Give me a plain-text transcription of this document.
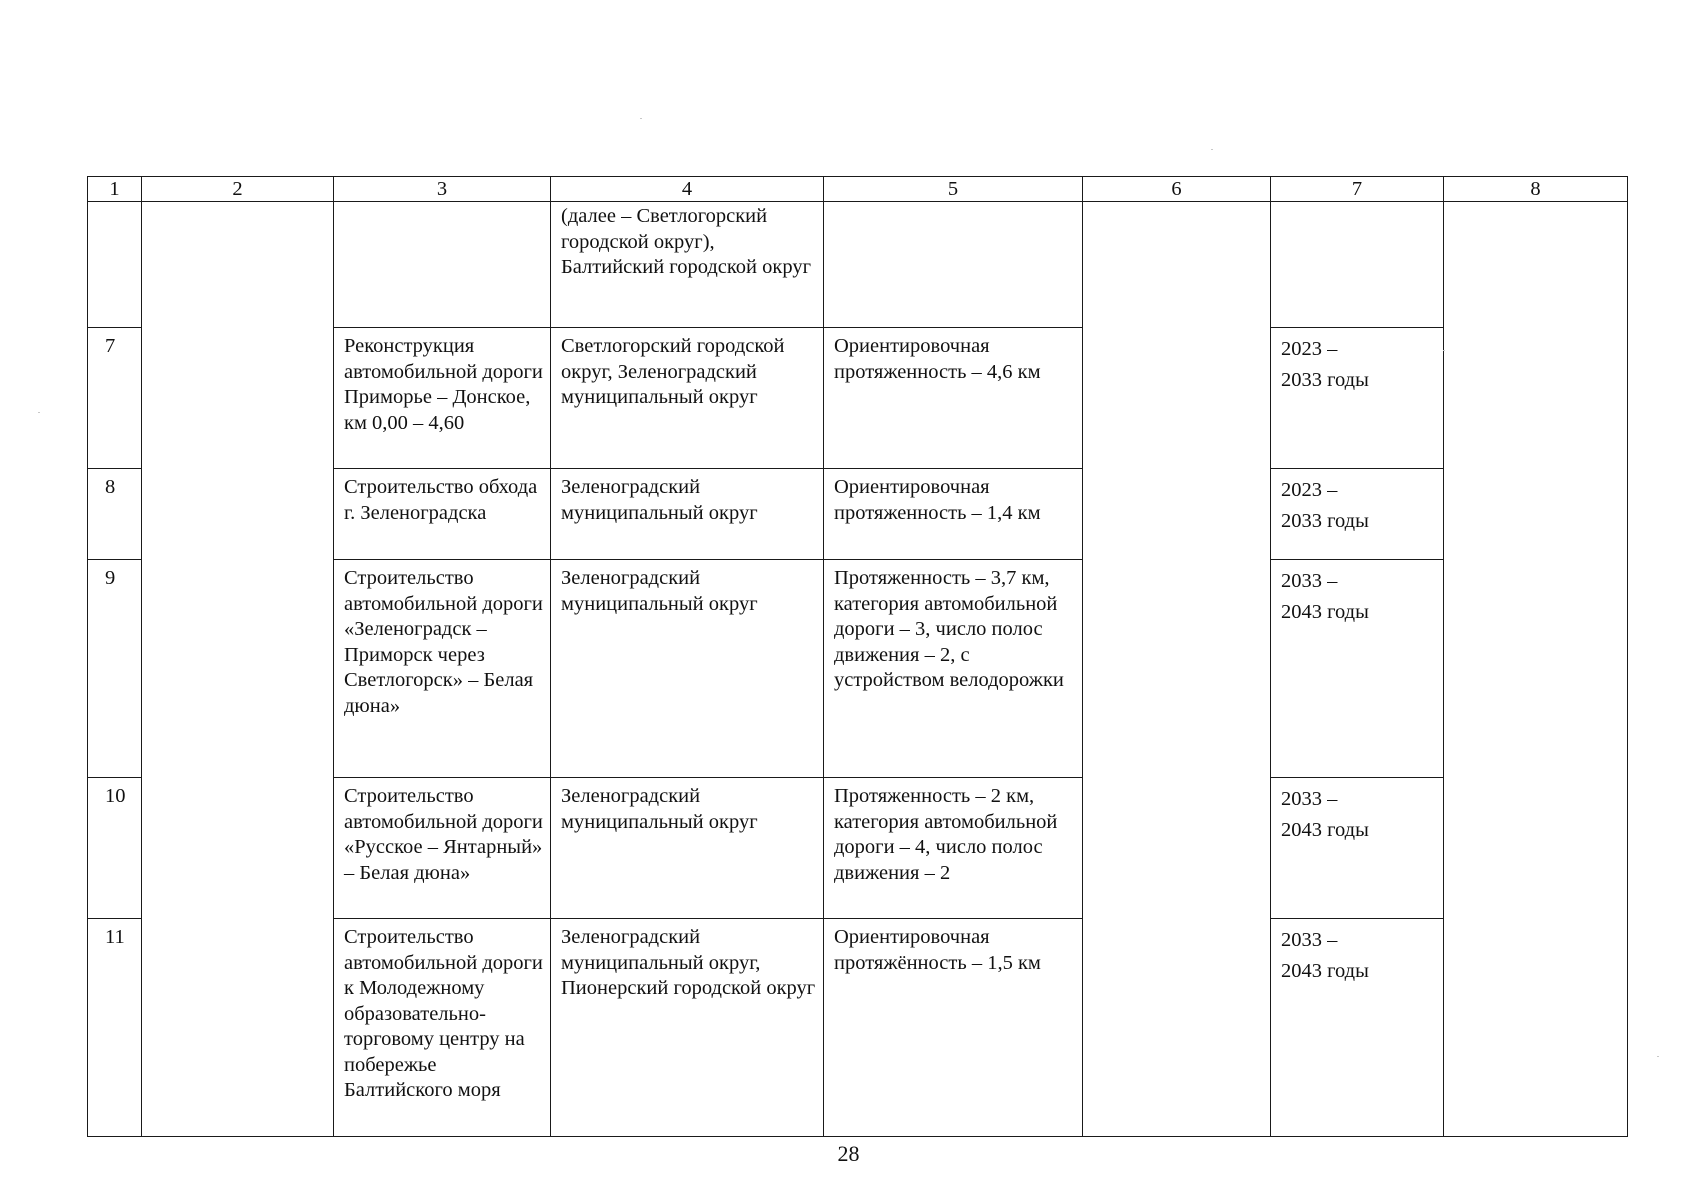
1	2	3	4	5	6	7	8
			(далее – Светлогорский городской округ), Балтийский городской округ				
7		Реконструкция автомобильной дороги Приморье – Донское, км 0,00 – 4,60	Светлогорский городской округ, Зеленоградский муниципальный округ	Ориентировочная протяженность – 4,6 км		2023 –
2033 годы	

8		Строительство обхода г. Зеленоградска	Зеленоградский муниципальный округ	Ориентировочная протяженность – 1,4 км		2023 –
2033 годы	

9		Строительство автомобильной дороги «Зеленоградск – Приморск через Светлогорск» – Белая дюна»	Зеленоградский муниципальный округ	Протяженность – 3,7 км, категория автомобильной дороги – 3, число полос движения – 2, с устройством велодорожки		2033 –
2043 годы	

10		Строительство автомобильной дороги «Русское – Янтарный» – Белая дюна»	Зеленоградский муниципальный округ	Протяженность – 2 км, категория автомобильной дороги – 4, число полос движения – 2		2033 –
2043 годы	

11		Строительство автомобильной дороги к Молодежному образовательно-торговому центру на побережье Балтийского моря	Зеленоградский муниципальный округ, Пионерский городской округ	Ориентировочная протяжённость – 1,5 км		2033 –
2043 годы	
28
